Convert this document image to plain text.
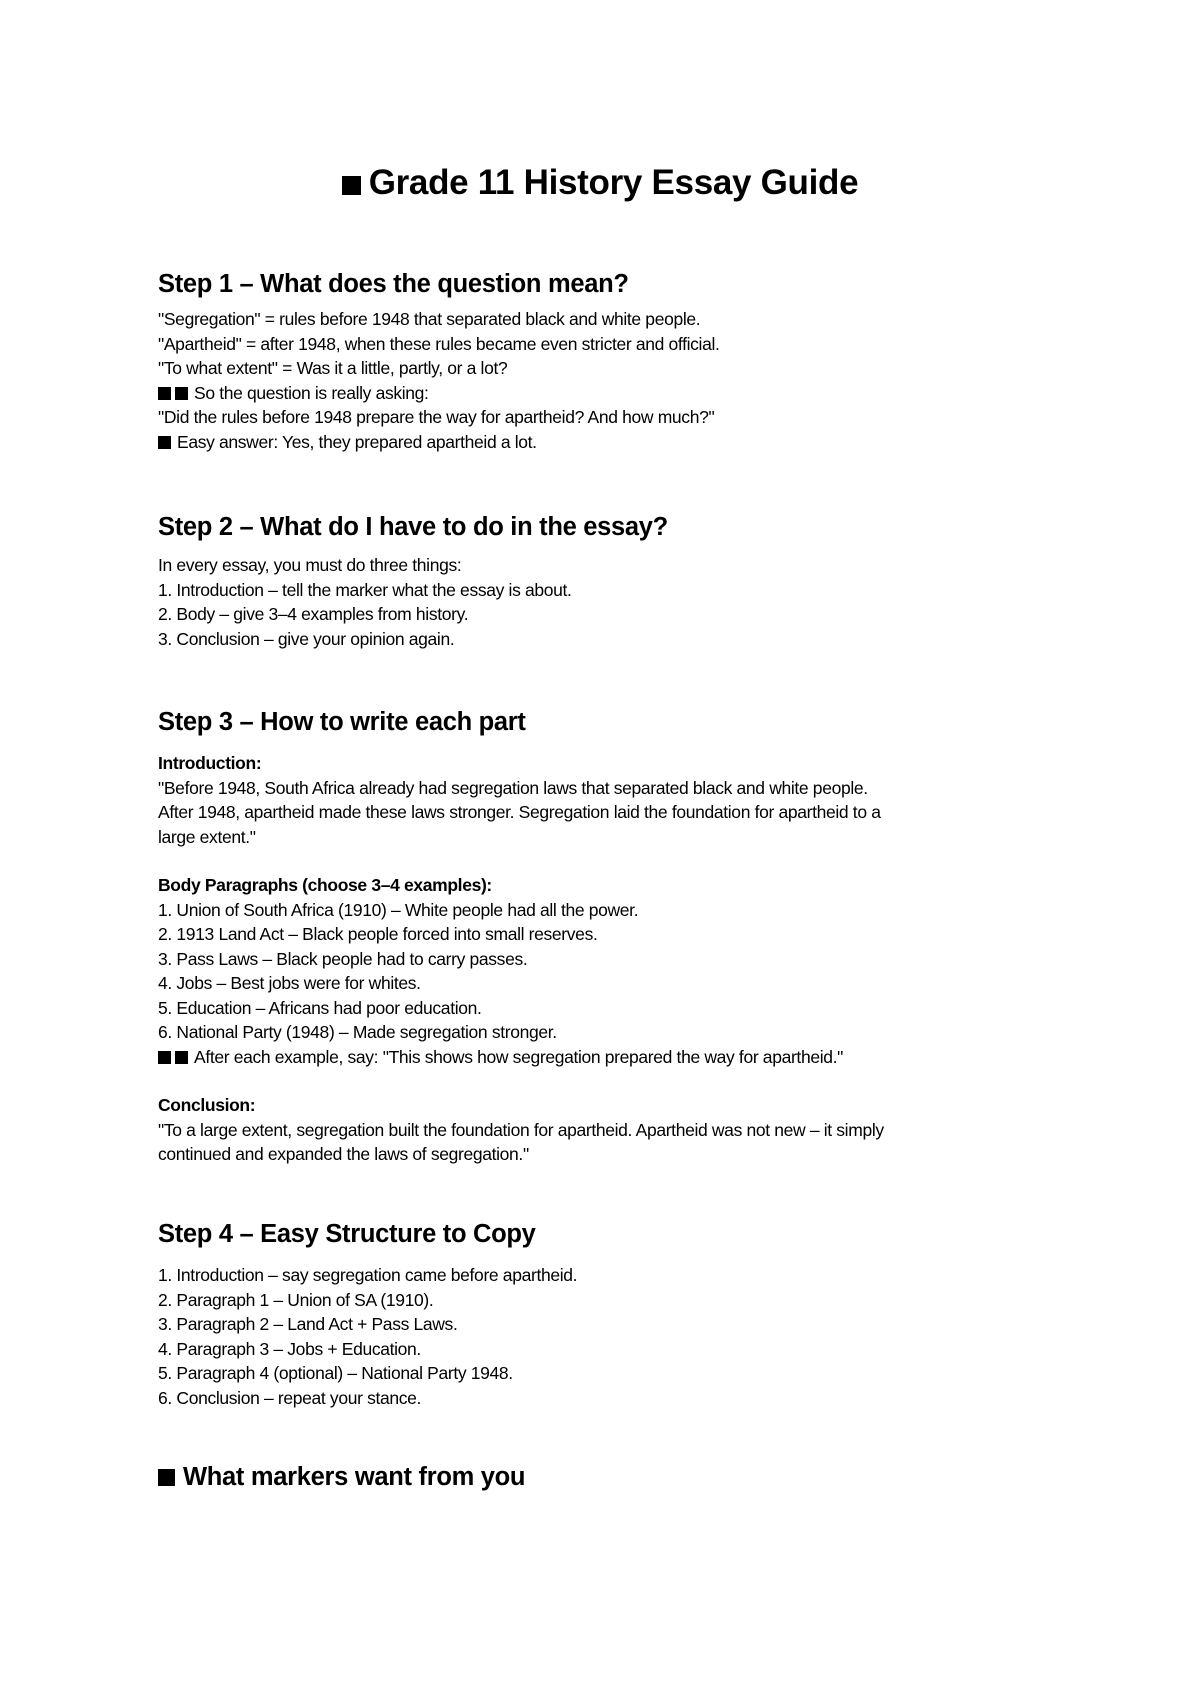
Grade 11 History Essay Guide
Step 1 – What does the question mean?
"Segregation" = rules before 1948 that separated black and white people.
"Apartheid" = after 1948, when these rules became even stricter and official.
"To what extent" = Was it a little, partly, or a lot?
So the question is really asking:
"Did the rules before 1948 prepare the way for apartheid? And how much?"
Easy answer: Yes, they prepared apartheid a lot.
Step 2 – What do I have to do in the essay?
In every essay, you must do three things:
1. Introduction – tell the marker what the essay is about.
2. Body – give 3–4 examples from history.
3. Conclusion – give your opinion again.
Step 3 – How to write each part
Introduction:
"Before 1948, South Africa already had segregation laws that separated black and white people.
After 1948, apartheid made these laws stronger. Segregation laid the foundation for apartheid to a
large extent."
Body Paragraphs (choose 3–4 examples):
1. Union of South Africa (1910) – White people had all the power.
2. 1913 Land Act – Black people forced into small reserves.
3. Pass Laws – Black people had to carry passes.
4. Jobs – Best jobs were for whites.
5. Education – Africans had poor education.
6. National Party (1948) – Made segregation stronger.
After each example, say: "This shows how segregation prepared the way for apartheid."
Conclusion:
"To a large extent, segregation built the foundation for apartheid. Apartheid was not new – it simply
continued and expanded the laws of segregation."
Step 4 – Easy Structure to Copy
1. Introduction – say segregation came before apartheid.
2. Paragraph 1 – Union of SA (1910).
3. Paragraph 2 – Land Act + Pass Laws.
4. Paragraph 3 – Jobs + Education.
5. Paragraph 4 (optional) – National Party 1948.
6. Conclusion – repeat your stance.
What markers want from you
